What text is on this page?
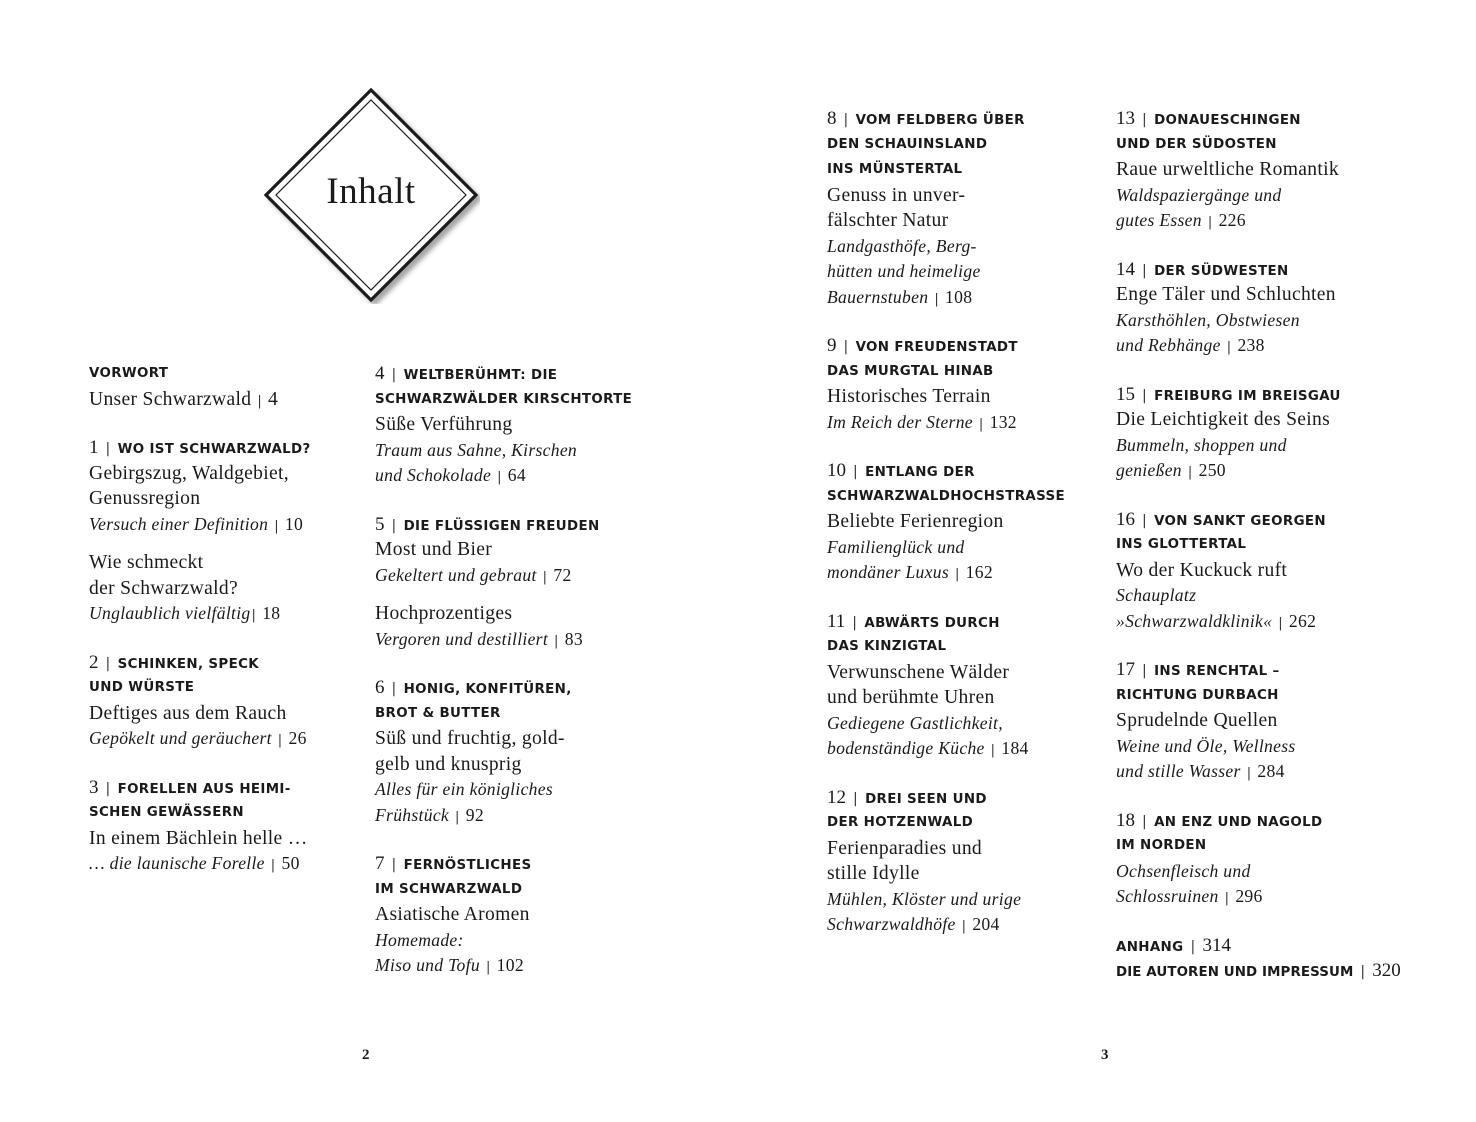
Inhalt
VORWORT
Unser Schwarzwald | 4
1 | WO IST SCHWARZWALD?
Gebirgszug, Waldgebiet,
Genussregion
Versuch einer Definition | 10
Wie schmeckt
der Schwarzwald?
Unglaublich vielfältig| 18
2 | SCHINKEN, SPECK
UND WÜRSTE
Deftiges aus dem Rauch
Gepökelt und geräuchert | 26
3 | FORELLEN AUS HEIMI-
SCHEN GEWÄSSERN
In einem Bächlein helle …
… die launische Forelle | 50
4 | WELTBERÜHMT: DIE
SCHWARZWÄLDER KIRSCHTORTE
Süße Verführung
Traum aus Sahne, Kirschen
und Schokolade | 64
5 | DIE FLÜSSIGEN FREUDEN
Most und Bier
Gekeltert und gebraut | 72
Hochprozentiges
Vergoren und destilliert | 83
6 | HONIG, KONFITÜREN,
BROT & BUTTER
Süß und fruchtig, gold-
gelb und knusprig
Alles für ein königliches
Frühstück | 92
7 | FERNÖSTLICHES
IM SCHWARZWALD
Asiatische Aromen
Homemade:
Miso und Tofu | 102
8 | VOM FELDBERG ÜBER
DEN SCHAUINSLAND
INS MÜNSTERTAL
Genuss in unver-
fälschter Natur
Landgasthöfe, Berg-
hütten und heimelige
Bauernstuben | 108
9 | VON FREUDENSTADT
DAS MURGTAL HINAB
Historisches Terrain
Im Reich der Sterne | 132
10 | ENTLANG DER
SCHWARZWALDHOCHSTRASSE
Beliebte Ferienregion
Familienglück und
mondäner Luxus | 162
11 | ABWÄRTS DURCH
DAS KINZIGTAL
Verwunschene Wälder
und berühmte Uhren
Gediegene Gastlichkeit,
bodenständige Küche | 184
12 | DREI SEEN UND
DER HOTZENWALD
Ferienparadies und
stille Idylle
Mühlen, Klöster und urige
Schwarzwaldhöfe | 204
13 | DONAUESCHINGEN
UND DER SÜDOSTEN
Raue urweltliche Romantik
Waldspaziergänge und
gutes Essen | 226
14 | DER SÜDWESTEN
Enge Täler und Schluchten
Karsthöhlen, Obstwiesen
und Rebhänge | 238
15 | FREIBURG IM BREISGAU
Die Leichtigkeit des Seins
Bummeln, shoppen und
genießen | 250
16 | VON SANKT GEORGEN
INS GLOTTERTAL
Wo der Kuckuck ruft
Schauplatz
»Schwarzwaldklinik« | 262
17 | INS RENCHTAL –
RICHTUNG DURBACH
Sprudelnde Quellen
Weine und Öle, Wellness
und stille Wasser | 284
18 | AN ENZ UND NAGOLD
IM NORDEN
Ochsenfleisch und
Schlossruinen | 296
ANHANG | 314
DIE AUTOREN UND IMPRESSUM | 320
2	3
